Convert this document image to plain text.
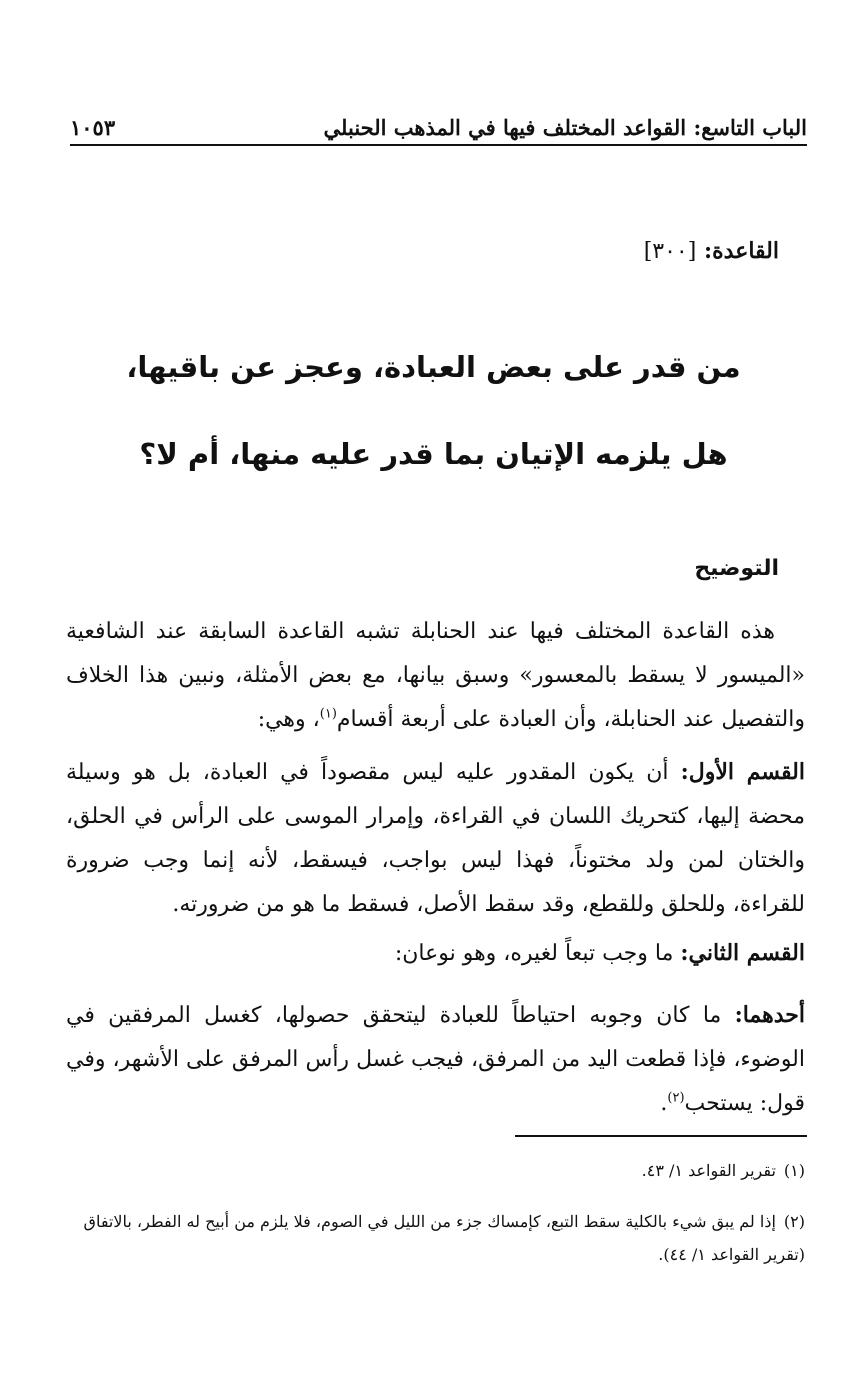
الباب التاسع: القواعد المختلف فيها في المذهب الحنبلي
١٠٥٣
القاعدة: [٣٠٠]
من قدر على بعض العبادة، وعجز عن باقيها،
هل يلزمه الإتيان بما قدر عليه منها، أم لا؟
التوضيح
هذه القاعدة المختلف فيها عند الحنابلة تشبه القاعدة السابقة عند الشافعية «الميسور لا يسقط بالمعسور» وسبق بيانها، مع بعض الأمثلة، ونبين هذا الخلاف والتفصيل عند الحنابلة، وأن العبادة على أربعة أقسام$^{(١)}$، وهي:
القسم الأول: أن يكون المقدور عليه ليس مقصوداً في العبادة، بل هو وسيلة محضة إليها، كتحريك اللسان في القراءة، وإمرار الموسى على الرأس في الحلق، والختان لمن ولد مختوناً، فهذا ليس بواجب، فيسقط، لأنه إنما وجب ضرورة للقراءة، وللحلق وللقطع، وقد سقط الأصل، فسقط ما هو من ضرورته.
القسم الثاني: ما وجب تبعاً لغيره، وهو نوعان:
أحدهما: ما كان وجوبه احتياطاً للعبادة ليتحقق حصولها، كغسل المرفقين في الوضوء، فإذا قطعت اليد من المرفق، فيجب غسل رأس المرفق على الأشهر، وفي قول: يستحب$^{(٢)}$.
(١)تقرير القواعد ١/ ٤٣.
(٢)إذا لم يبق شيء بالكلية سقط التبع، كإمساك جزء من الليل في الصوم، فلا يلزم من أبيح له الفطر، بالاتفاق (تقرير القواعد ١/ ٤٤).
